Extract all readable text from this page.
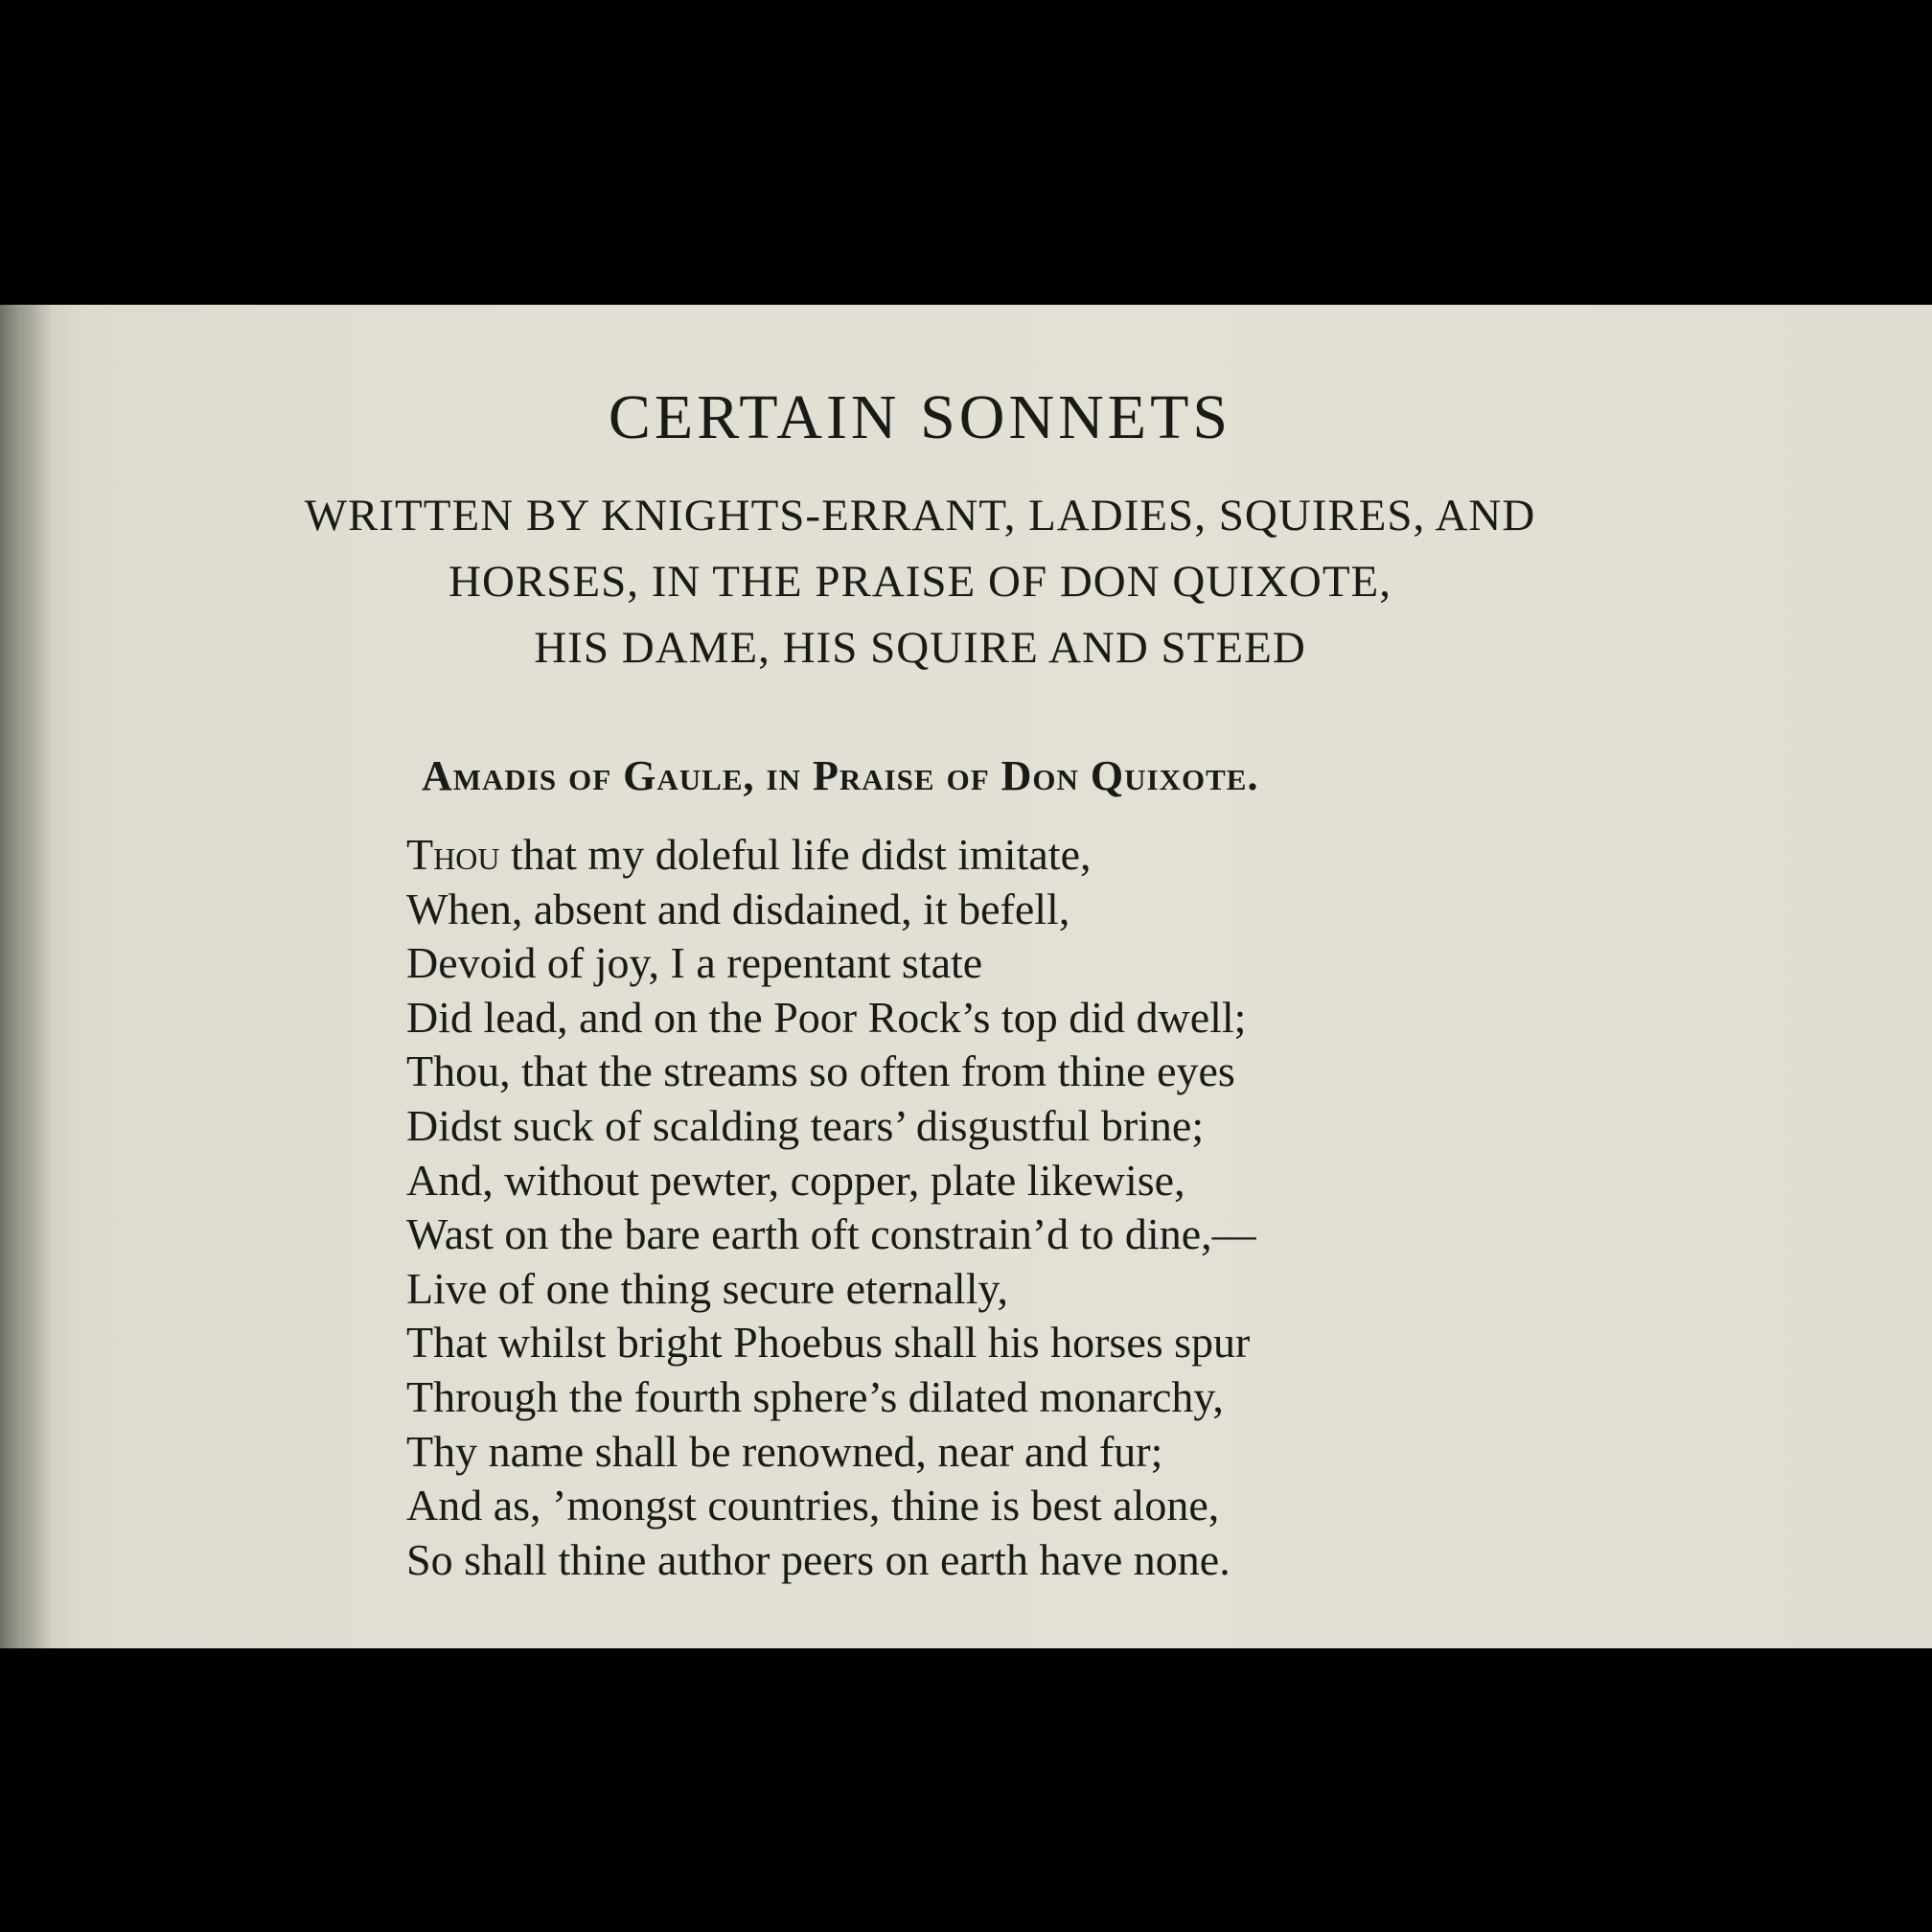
CERTAIN SONNETS
WRITTEN BY KNIGHTS-ERRANT, LADIES, SQUIRES, AND
HORSES, IN THE PRAISE OF DON QUIXOTE,
HIS DAME, HIS SQUIRE AND STEED
Amadis of Gaule, in Praise of Don Quixote.
Thou that my doleful life didst imitate,
When, absent and disdained, it befell,
Devoid of joy, I a repentant state
Did lead, and on the Poor Rock’s top did dwell;
Thou, that the streams so often from thine eyes
Didst suck of scalding tears’ disgustful brine;
And, without pewter, copper, plate likewise,
Wast on the bare earth oft constrain’d to dine,—
Live of one thing secure eternally,
That whilst bright Phoebus shall his horses spur
Through the fourth sphere’s dilated monarchy,
Thy name shall be renowned, near and fur;
And as, ’mongst countries, thine is best alone,
So shall thine author peers on earth have none.
